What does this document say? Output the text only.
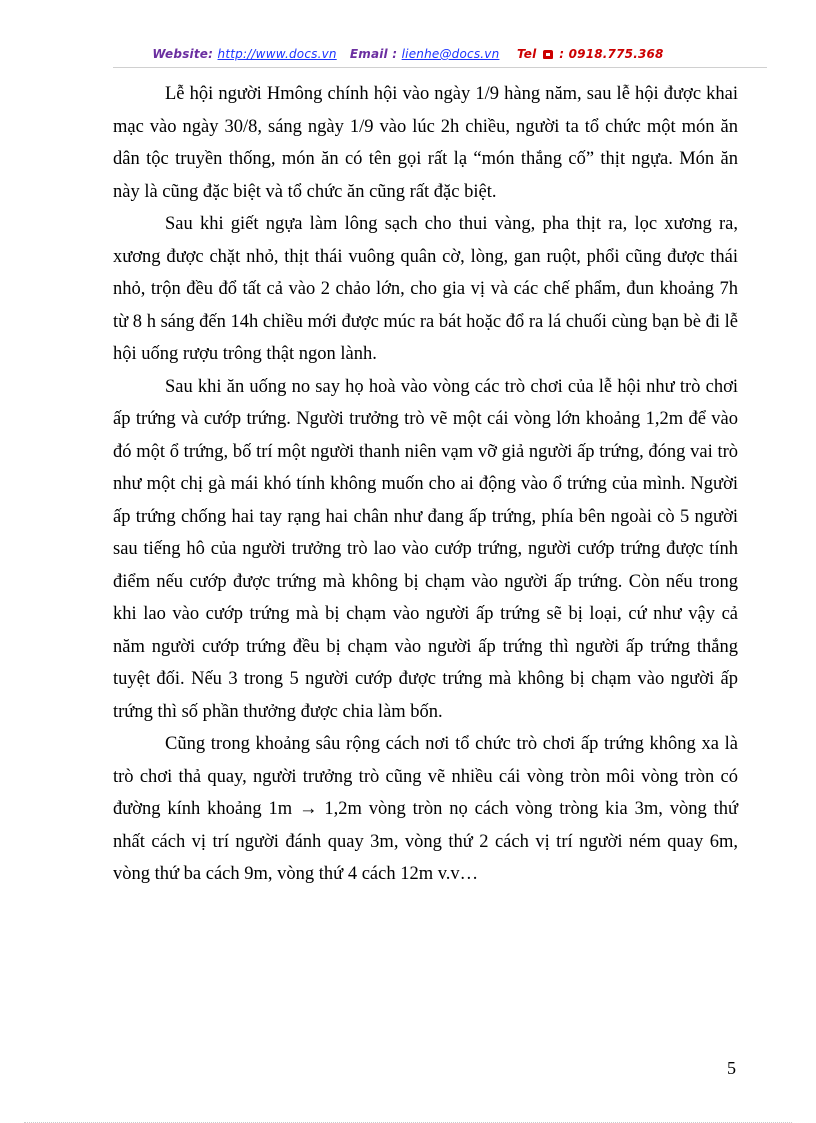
Website: http://www.docs.vn Email : lienhe@docs.vn Tel : 0918.775.368

Lễ hội người Hmông chính hội vào ngày 1/9 hàng năm, sau lễ hội được khai mạc vào ngày 30/8, sáng ngày 1/9 vào lúc 2h chiều, người ta tổ chức một món ăn dân tộc truyền thống, món ăn có tên gọi rất lạ “món thắng cố” thịt ngựa. Món ăn này là cũng đặc biệt và tổ chức ăn cũng rất đặc biệt.

Sau khi giết ngựa làm lông sạch cho thui vàng, pha thịt ra, lọc xương ra, xương được chặt nhỏ, thịt thái vuông quân cờ, lòng, gan ruột, phổi cũng được thái nhỏ, trộn đều đổ tất cả vào 2 chảo lớn, cho gia vị và các chế phẩm, đun khoảng 7h từ 8 h sáng đến 14h chiều mới được múc ra bát hoặc đổ ra lá chuối cùng bạn bè đi lễ hội uống rượu trông thật ngon lành.

Sau khi ăn uống no say họ hoà vào vòng các trò chơi của lễ hội như trò chơi ấp trứng và cướp trứng. Người trưởng trò vẽ một cái vòng lớn khoảng 1,2m để vào đó một ổ trứng, bố trí một người thanh niên vạm vỡ giả người ấp trứng, đóng vai trò như một chị gà mái khó tính không muốn cho ai động vào ổ trứng của mình. Người ấp trứng chống hai tay rạng hai chân như đang ấp trứng, phía bên ngoài cò 5 người sau tiếng hô của người trưởng trò lao vào cướp trứng, người cướp trứng được tính điểm nếu cướp được trứng mà không bị chạm vào người ấp trứng. Còn nếu trong khi lao vào cướp trứng mà bị chạm vào người ấp trứng sẽ bị loại, cứ như vậy cả năm người cướp trứng đều bị chạm vào người ấp trứng thì người ấp trứng thắng tuyệt đối. Nếu 3 trong 5 người cướp được trứng mà không bị chạm vào người ấp trứng thì số phần thưởng được chia làm bốn.

Cũng trong khoảng sâu rộng cách nơi tổ chức trò chơi ấp trứng không xa là trò chơi thả quay, người trưởng trò cũng vẽ nhiều cái vòng tròn môi vòng tròn có đường kính khoảng 1m → 1,2m vòng tròn nọ cách vòng tròng kia 3m, vòng thứ nhất cách vị trí người đánh quay 3m, vòng thứ 2 cách vị trí người ném quay 6m, vòng thứ ba cách 9m, vòng thứ 4 cách 12m v.v…

5
